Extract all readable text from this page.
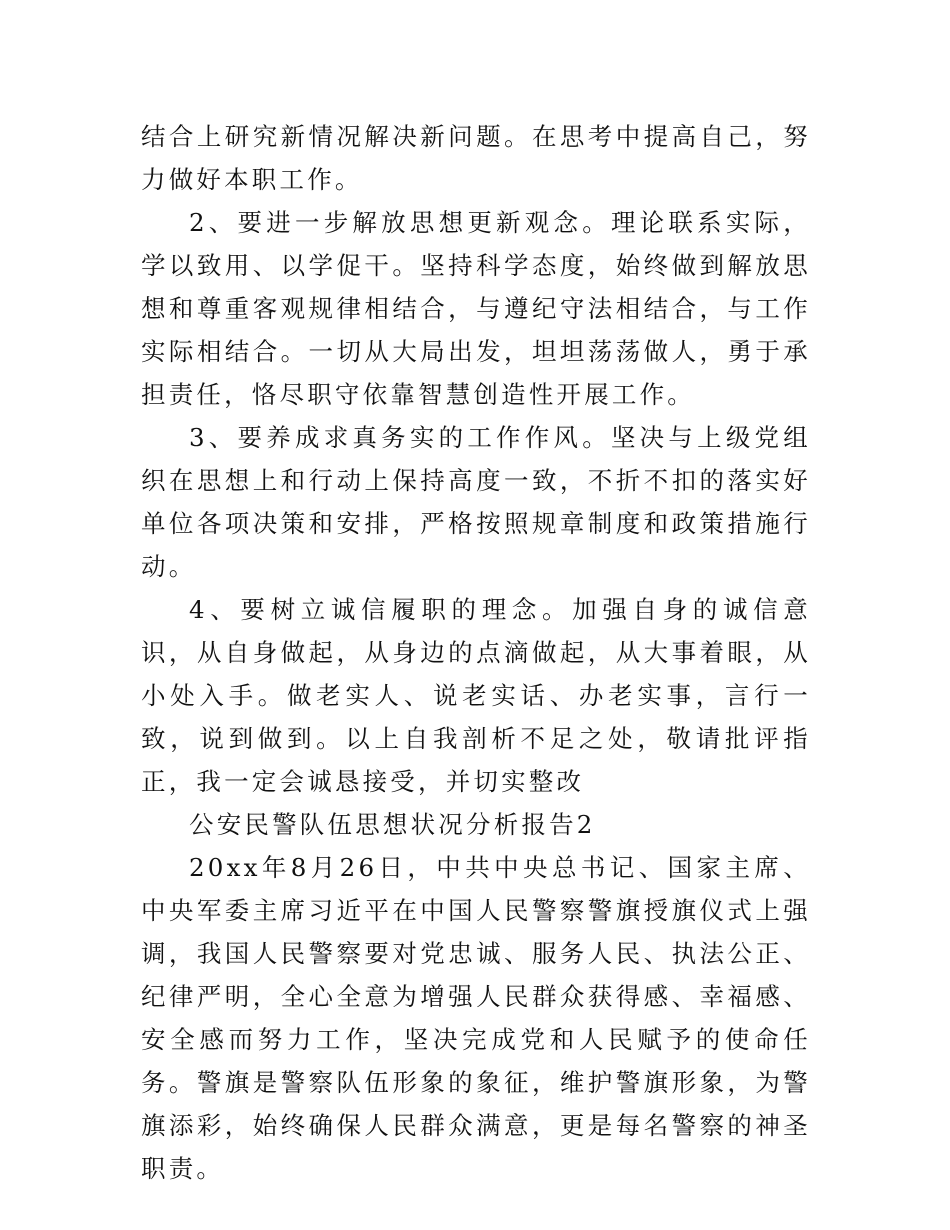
结合上研究新情况解决新问题。在思考中提高自己，努力做好本职工作。

2、要进一步解放思想更新观念。理论联系实际，学以致用、以学促干。坚持科学态度，始终做到解放思想和尊重客观规律相结合，与遵纪守法相结合，与工作实际相结合。一切从大局出发，坦坦荡荡做人，勇于承担责任，恪尽职守依靠智慧创造性开展工作。

3、要养成求真务实的工作作风。坚决与上级党组织在思想上和行动上保持高度一致，不折不扣的落实好单位各项决策和安排，严格按照规章制度和政策措施行动。

4、要树立诚信履职的理念。加强自身的诚信意识，从自身做起，从身边的点滴做起，从大事着眼，从小处入手。做老实人、说老实话、办老实事，言行一致，说到做到。以上自我剖析不足之处，敬请批评指正，我一定会诚恳接受，并切实整改

公安民警队伍思想状况分析报告2

20xx年8月26日，中共中央总书记、国家主席、中央军委主席习近平在中国人民警察警旗授旗仪式上强调，我国人民警察要对党忠诚、服务人民、执法公正、纪律严明，全心全意为增强人民群众获得感、幸福感、安全感而努力工作，坚决完成党和人民赋予的使命任务。警旗是警察队伍形象的象征，维护警旗形象，为警旗添彩，始终确保人民群众满意，更是每名警察的神圣职责。
